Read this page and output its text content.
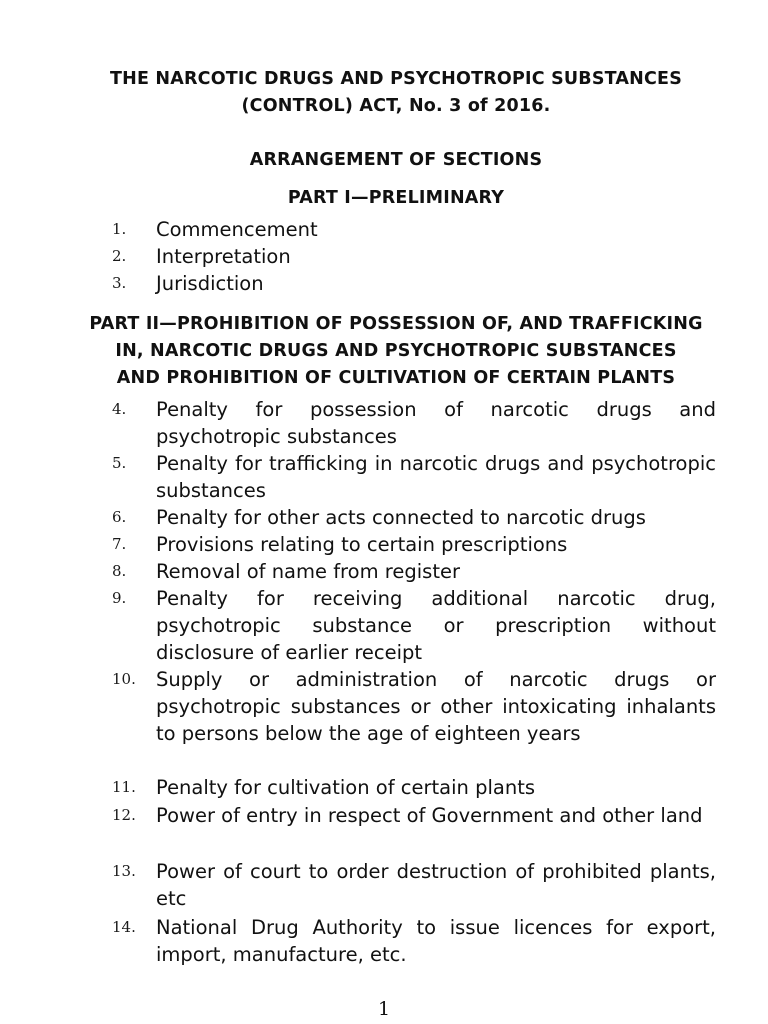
THE NARCOTIC DRUGS AND PSYCHOTROPIC SUBSTANCES
(CONTROL) ACT, No. 3 of 2016.
ARRANGEMENT OF SECTIONS
PART I—PRELIMINARY
1.	Commencement
2.	Interpretation
3.	Jurisdiction
PART II—PROHIBITION OF POSSESSION OF, AND TRAFFICKING
IN, NARCOTIC DRUGS AND PSYCHOTROPIC SUBSTANCES
AND PROHIBITION OF CULTIVATION OF CERTAIN PLANTS
4.	Penalty for possession of narcotic drugs and psychotropic substances
5.	Penalty for trafficking in narcotic drugs and psychotropic substances
6.	Penalty for other acts connected to narcotic drugs
7.	Provisions relating to certain prescriptions
8.	Removal of name from register
9.	Penalty for receiving additional narcotic drug, psychotropic substance or prescription without disclosure of earlier receipt
10.	Supply or administration of narcotic drugs or psychotropic substances or other intoxicating inhalants to persons below the age of eighteen years
11.	Penalty for cultivation of certain plants
12.	Power of entry in respect of Government and other land
13.	Power of court to order destruction of prohibited plants, etc
14.	National Drug Authority to issue licences for export, import, manufacture, etc.
1
